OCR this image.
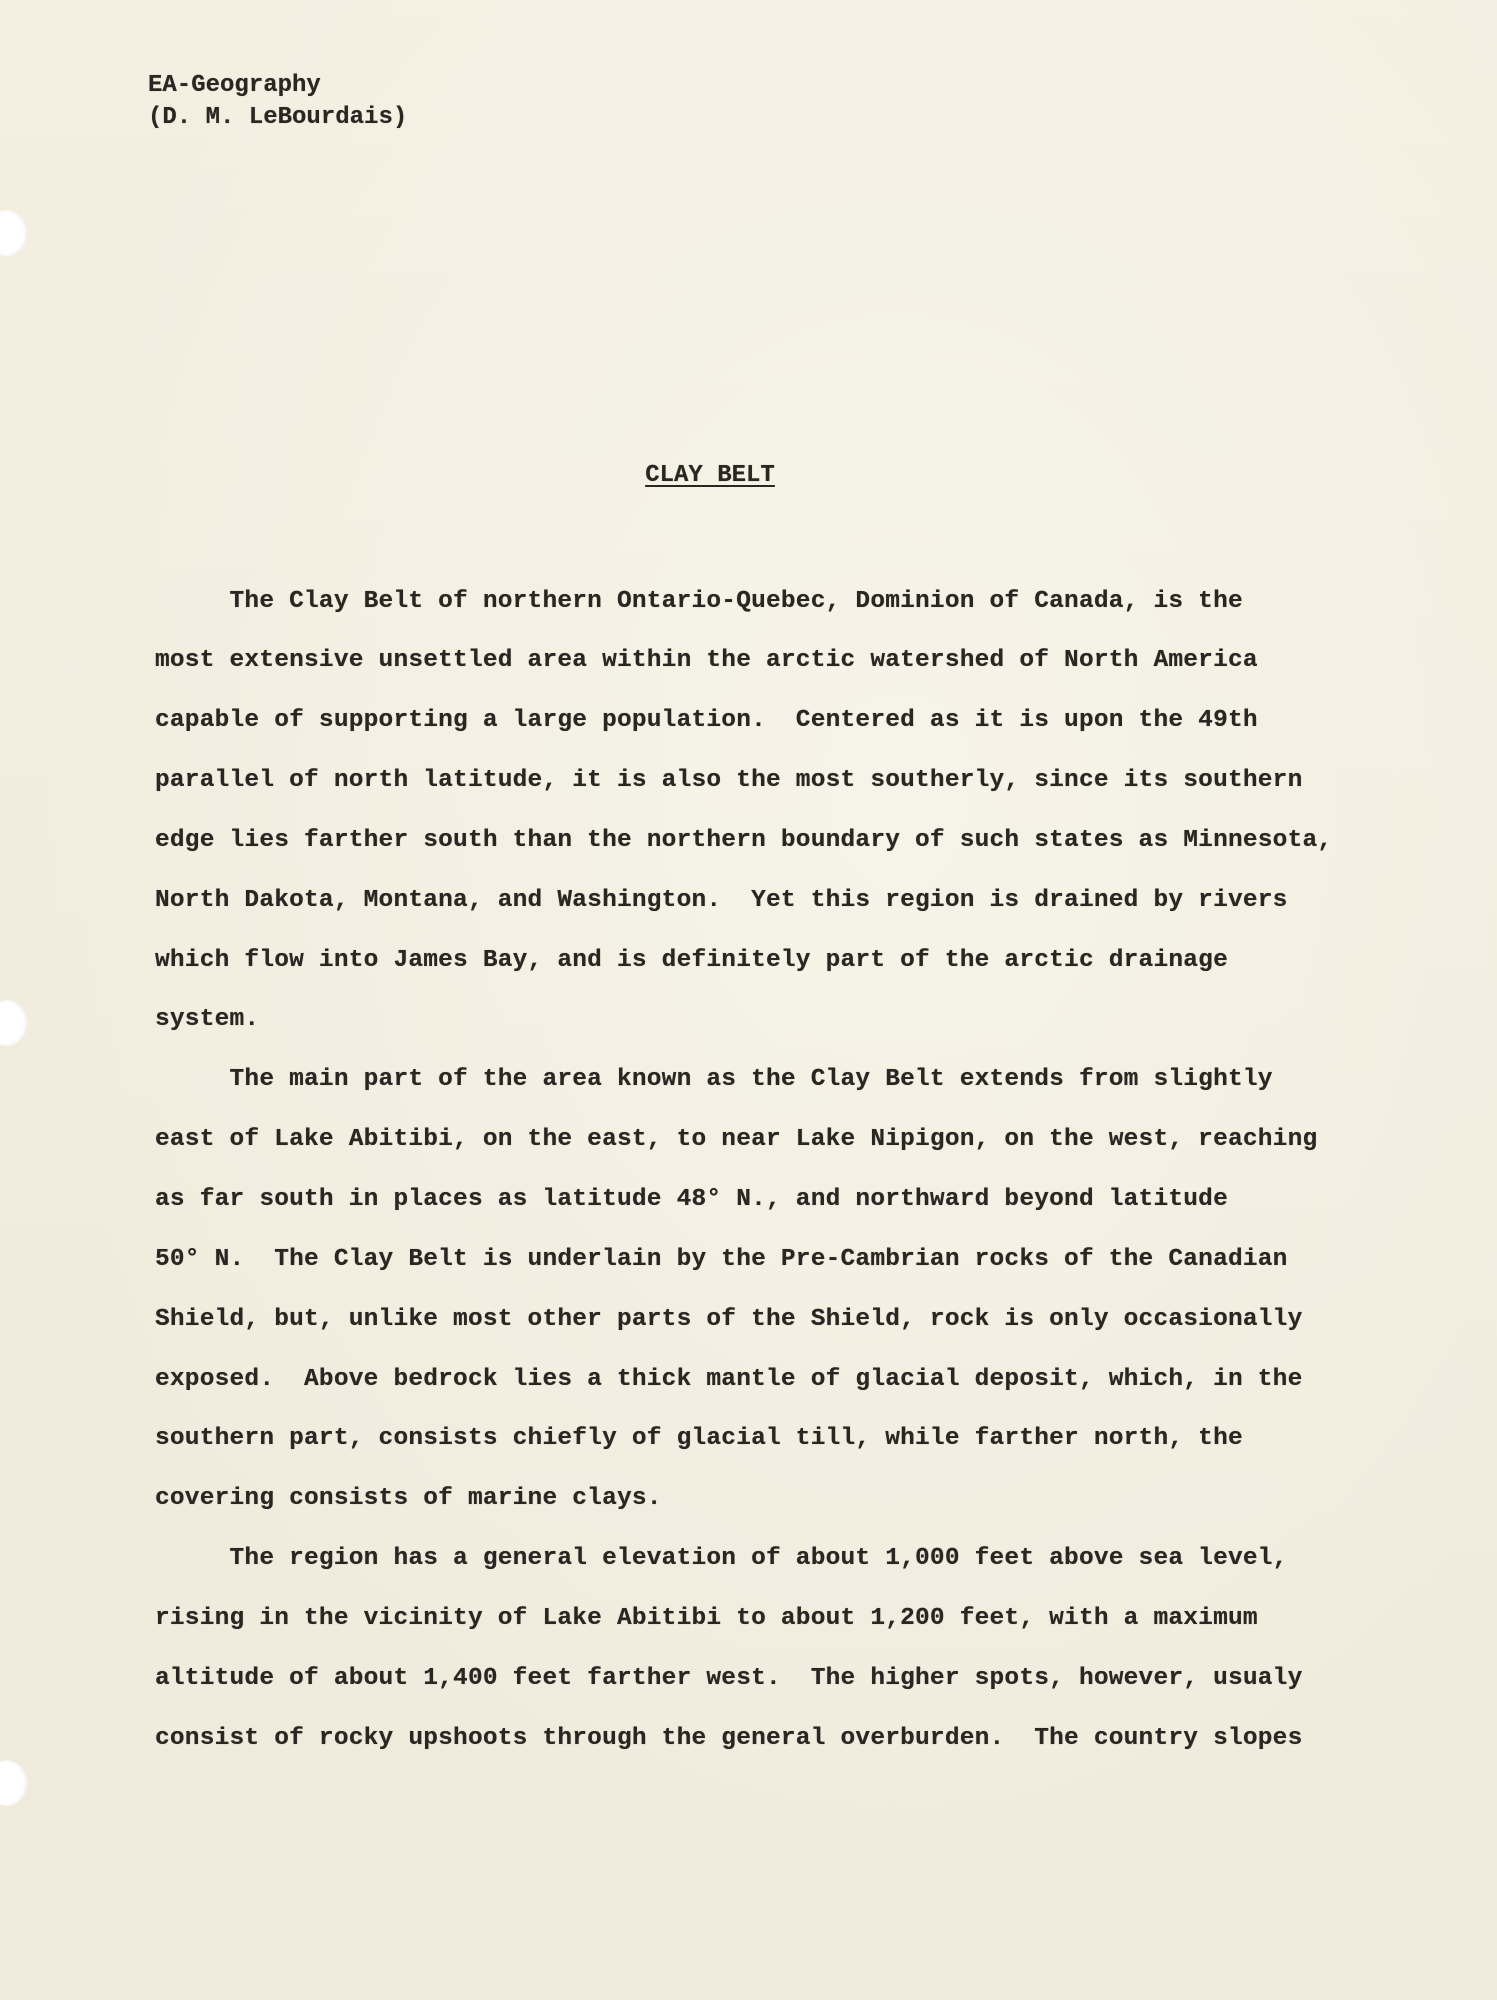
EA-Geography
(D. M. LeBourdais)
CLAY BELT
The Clay Belt of northern Ontario-Quebec, Dominion of Canada, is the
most extensive unsettled area within the arctic watershed of North America
capable of supporting a large population.  Centered as it is upon the 49th
parallel of north latitude, it is also the most southerly, since its southern
edge lies farther south than the northern boundary of such states as Minnesota,
North Dakota, Montana, and Washington.  Yet this region is drained by rivers
which flow into James Bay, and is definitely part of the arctic drainage
system.
The main part of the area known as the Clay Belt extends from slightly
east of Lake Abitibi, on the east, to near Lake Nipigon, on the west, reaching
as far south in places as latitude 48° N., and northward beyond latitude
50° N.  The Clay Belt is underlain by the Pre-Cambrian rocks of the Canadian
Shield, but, unlike most other parts of the Shield, rock is only occasionally
exposed.  Above bedrock lies a thick mantle of glacial deposit, which, in the
southern part, consists chiefly of glacial till, while farther north, the
covering consists of marine clays.
The region has a general elevation of about 1,000 feet above sea level,
rising in the vicinity of Lake Abitibi to about 1,200 feet, with a maximum
altitude of about 1,400 feet farther west.  The higher spots, however, usualy
consist of rocky upshoots through the general overburden.  The country slopes
